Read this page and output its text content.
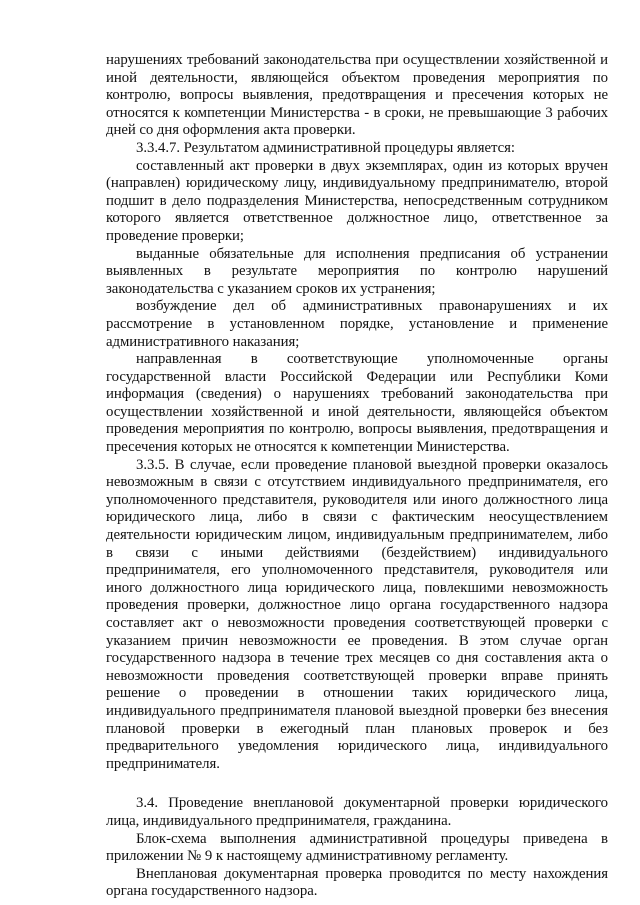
нарушениях требований законодательства при осуществлении хозяйственной и иной деятельности, являющейся объектом проведения мероприятия по контролю, вопросы выявления, предотвращения и пресечения которых не относятся к компетенции Министерства - в сроки, не превышающие 3 рабочих дней со дня оформления акта проверки.

3.3.4.7. Результатом административной процедуры является:

составленный акт проверки в двух экземплярах, один из которых вручен (направлен) юридическому лицу, индивидуальному предпринимателю, второй подшит в дело подразделения Министерства, непосредственным сотрудником которого является ответственное должностное лицо, ответственное за проведение проверки;

выданные обязательные для исполнения предписания об устранении выявленных в результате мероприятия по контролю нарушений законодательства с указанием сроков их устранения;

возбуждение дел об административных правонарушениях и их рассмотрение в установленном порядке, установление и применение административного наказания;

направленная в соответствующие уполномоченные органы государственной власти Российской Федерации или Республики Коми информация (сведения) о нарушениях требований законодательства при осуществлении хозяйственной и иной деятельности, являющейся объектом проведения мероприятия по контролю, вопросы выявления, предотвращения и пресечения которых не относятся к компетенции Министерства.

3.3.5. В случае, если проведение плановой выездной проверки оказалось невозможным в связи с отсутствием индивидуального предпринимателя, его уполномоченного представителя, руководителя или иного должностного лица юридического лица, либо в связи с фактическим неосуществлением деятельности юридическим лицом, индивидуальным предпринимателем, либо в связи с иными действиями (бездействием) индивидуального предпринимателя, его уполномоченного представителя, руководителя или иного должностного лица юридического лица, повлекшими невозможность проведения проверки, должностное лицо органа государственного надзора составляет акт о невозможности проведения соответствующей проверки с указанием причин невозможности ее проведения. В этом случае орган государственного надзора в течение трех месяцев со дня составления акта о невозможности проведения соответствующей проверки вправе принять решение о проведении в отношении таких юридического лица, индивидуального предпринимателя плановой выездной проверки без внесения плановой проверки в ежегодный план плановых проверок и без предварительного уведомления юридического лица, индивидуального предпринимателя.

3.4. Проведение внеплановой документарной проверки юридического лица, индивидуального предпринимателя, гражданина.

Блок-схема выполнения административной процедуры приведена в приложении № 9 к настоящему административному регламенту.

Внеплановая документарная проверка проводится по месту нахождения органа государственного надзора.
